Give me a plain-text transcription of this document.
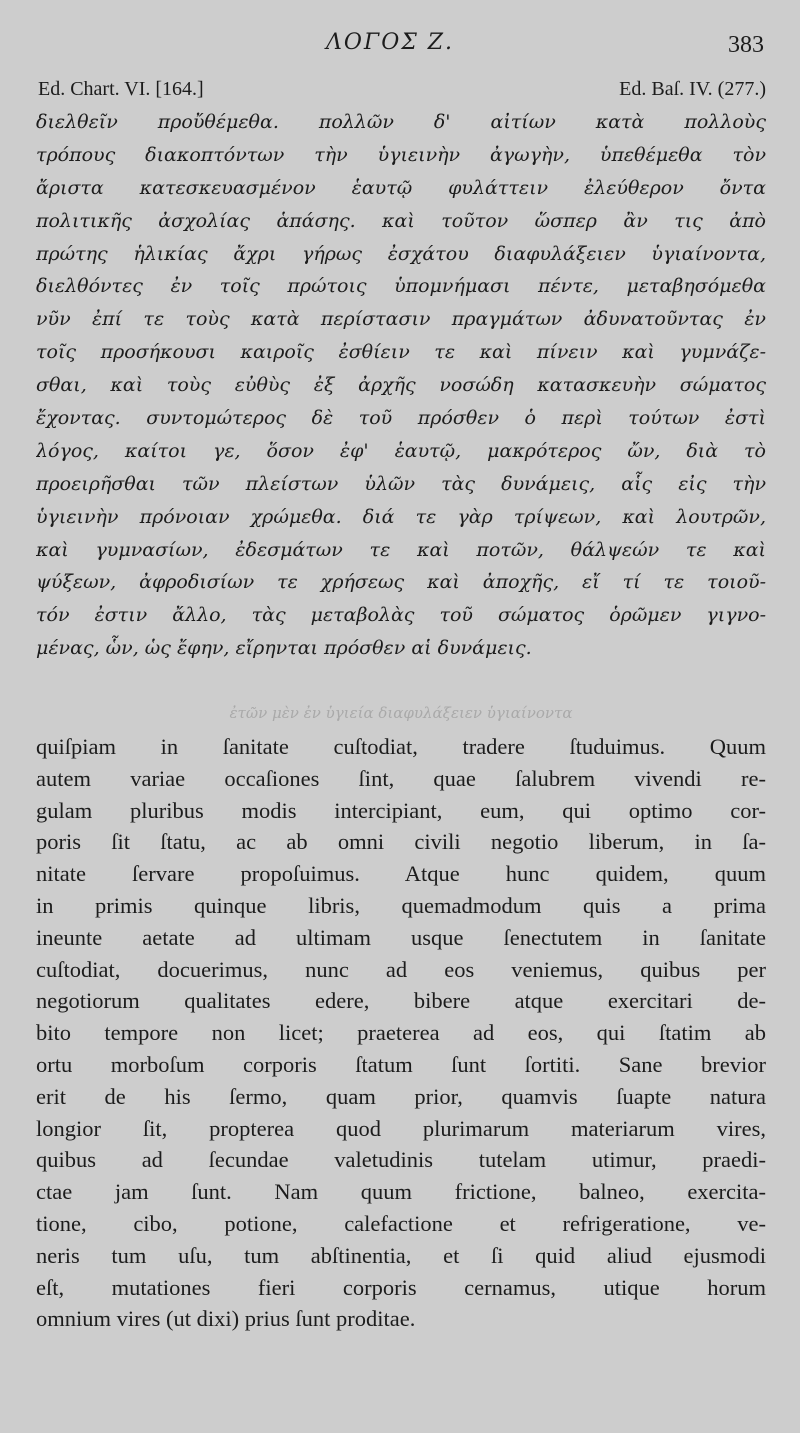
ΛΟΓΟΣ Ζ.	383
Ed. Chart. VI. [164.]	Ed. Baſ. IV. (277.)
διελθεῖν προὔθέμεθα. πολλῶν δ' αἰτίων κατὰ πολλοὺς
τρόπους διακοπτόντων τὴν ὑγιεινὴν ἀγωγὴν, ὑπεθέμεθα τὸν
ἄριστα κατεσκευασμένον ἑαυτῷ φυλάττειν ἐλεύθερον ὄντα
πολιτικῆς ἀσχολίας ἁπάσης. καὶ τοῦτον ὥσπερ ἂν τις ἀπὸ
πρώτης ἡλικίας ἄχρι γήρως ἐσχάτου διαφυλάξειεν ὑγιαίνοντα,
διελθόντες ἐν τοῖς πρώτοις ὑπομνήμασι πέντε, μεταβησόμεθα
νῦν ἐπί τε τοὺς κατὰ περίστασιν πραγμάτων ἀδυνατοῦντας ἐν
τοῖς προσήκουσι καιροῖς ἐσθίειν τε καὶ πίνειν καὶ γυμνάζε-
σθαι, καὶ τοὺς εὐθὺς ἐξ ἀρχῆς νοσώδη κατασκευὴν σώματος
ἔχοντας. συντομώτερος δὲ τοῦ πρόσθεν ὁ περὶ τούτων ἐστὶ
λόγος, καίτοι γε, ὅσον ἐφ' ἑαυτῷ, μακρότερος ὤν, διὰ τὸ
προειρῆσθαι τῶν πλείστων ὑλῶν τὰς δυνάμεις, αἷς εἰς τὴν
ὑγιεινὴν πρόνοιαν χρώμεθα. διά τε γὰρ τρίψεων, καὶ λουτρῶν,
καὶ γυμνασίων, ἐδεσμάτων τε καὶ ποτῶν, θάλψεών τε καὶ
ψύξεων, ἀφροδισίων τε χρήσεως καὶ ἀποχῆς, εἴ τί τε τοιοῦ-
τόν ἐστιν ἄλλο, τὰς μεταβολὰς τοῦ σώματος ὁρῶμεν γιγνο-
μένας, ὧν, ὡς ἔφην, εἴρηνται πρόσθεν αἱ δυνάμεις.
ἐτῶν μὲν ἐν ὑγιεία διαφυλάξειεν ὑγιαίνοντα
quiſpiam in ſanitate cuſtodiat, tradere ſtuduimus. Quum
autem variae occaſiones ſint, quae ſalubrem vivendi re-
gulam pluribus modis intercipiant, eum, qui optimo cor-
poris ſit ſtatu, ac ab omni civili negotio liberum, in ſa-
nitate ſervare propoſuimus. Atque hunc quidem, quum
in primis quinque libris, quemadmodum quis a prima
ineunte aetate ad ultimam usque ſenectutem in ſanitate
cuſtodiat, docuerimus, nunc ad eos veniemus, quibus per
negotiorum qualitates edere, bibere atque exercitari de-
bito tempore non licet; praeterea ad eos, qui ſtatim ab
ortu morboſum corporis ſtatum ſunt ſortiti. Sane brevior
erit de his ſermo, quam prior, quamvis ſuapte natura
longior ſit, propterea quod plurimarum materiarum vires,
quibus ad ſecundae valetudinis tutelam utimur, praedi-
ctae jam ſunt. Nam quum frictione, balneo, exercita-
tione, cibo, potione, calefactione et refrigeratione, ve-
neris tum uſu, tum abſtinentia, et ſi quid aliud ejusmodi
eſt, mutationes fieri corporis cernamus, utique horum
omnium vires (ut dixi) prius ſunt proditae.
